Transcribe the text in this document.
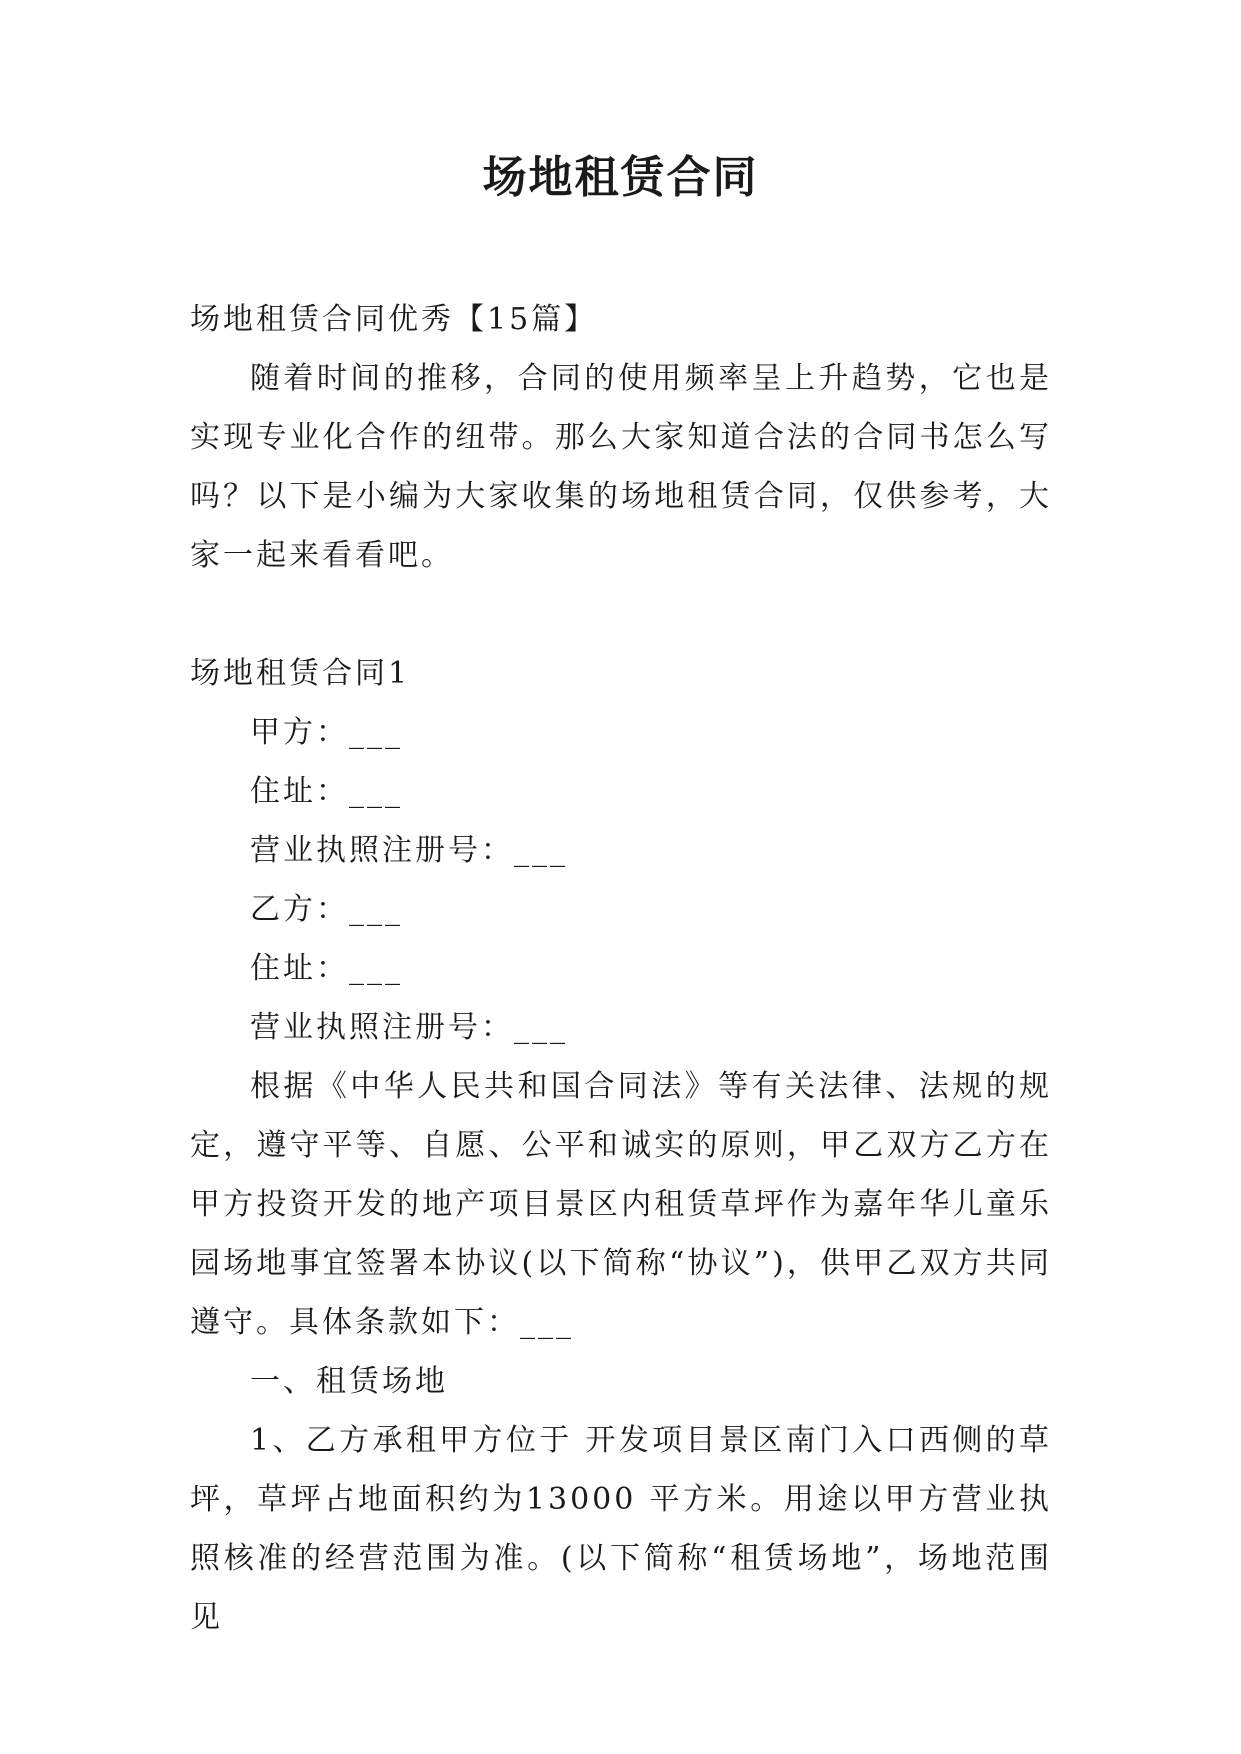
场地租赁合同

场地租赁合同优秀【15篇】

随着时间的推移，合同的使用频率呈上升趋势，它也是实现专业化合作的纽带。那么大家知道合法的合同书怎么写吗？以下是小编为大家收集的场地租赁合同，仅供参考，大家一起来看看吧。

场地租赁合同1

甲方：___

住址：___

营业执照注册号：___

乙方：___

住址：___

营业执照注册号：___

根据《中华人民共和国合同法》等有关法律、法规的规定，遵守平等、自愿、公平和诚实的原则，甲乙双方乙方在甲方投资开发的地产项目景区内租赁草坪作为嘉年华儿童乐园场地事宜签署本协议(以下简称“协议”)，供甲乙双方共同遵守。具体条款如下：___

一、租赁场地

1、乙方承租甲方位于 开发项目景区南门入口西侧的草坪，草坪占地面积约为13000 平方米。用途以甲方营业执照核准的经营范围为准。(以下简称“租赁场地”，场地范围见
